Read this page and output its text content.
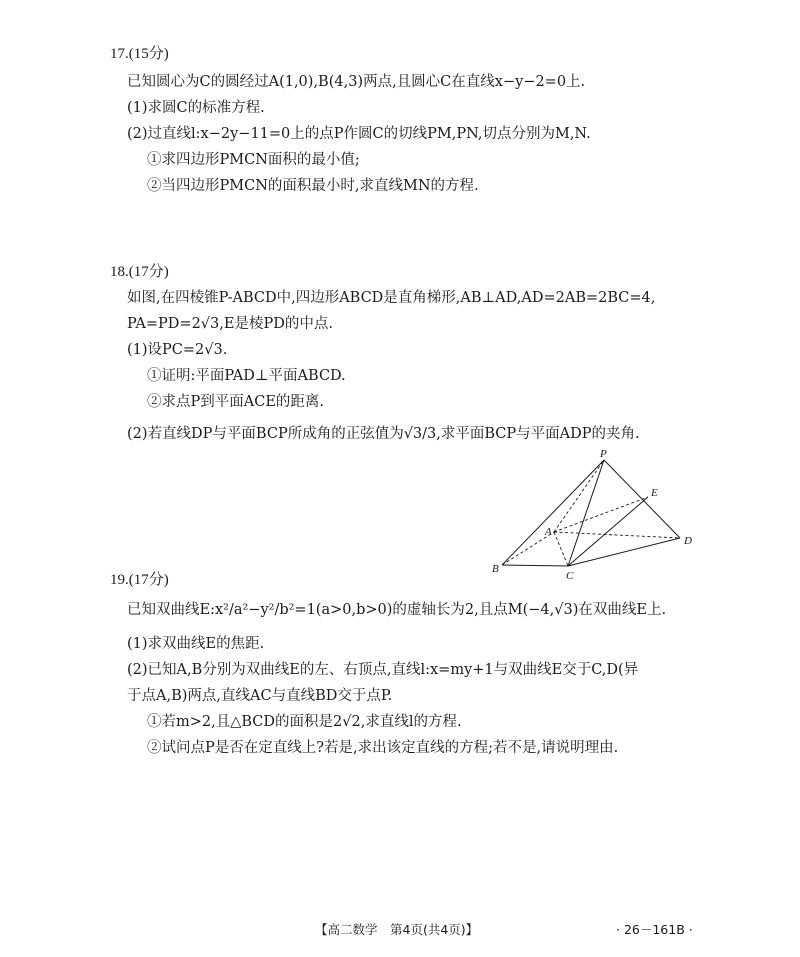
17.(15分)
已知圆心为C的圆经过A(1,0),B(4,3)两点,且圆心C在直线x−y−2=0上.
(1)求圆C的标准方程.
(2)过直线l:x−2y−11=0上的点P作圆C的切线PM,PN,切点分别为M,N.
①求四边形PMCN面积的最小值;
②当四边形PMCN的面积最小时,求直线MN的方程.
18.(17分)
如图,在四棱锥P-ABCD中,四边形ABCD是直角梯形,AB⊥AD,AD=2AB=2BC=4,
PA=PD=2√3,E是棱PD的中点.
(1)设PC=2√3.
①证明:平面PAD⊥平面ABCD.
②求点P到平面ACE的距离.
(2)若直线DP与平面BCP所成角的正弦值为√3/3,求平面BCP与平面ADP的夹角.
P
E
A
B
C
D
19.(17分)
已知双曲线E:x²/a²−y²/b²=1(a>0,b>0)的虚轴长为2,且点M(−4,√3)在双曲线E上.
(1)求双曲线E的焦距.
(2)已知A,B分别为双曲线E的左、右顶点,直线l:x=my+1与双曲线E交于C,D(异
于点A,B)两点,直线AC与直线BD交于点P.
①若m>2,且△BCD的面积是2√2,求直线l的方程.
②试问点P是否在定直线上?若是,求出该定直线的方程;若不是,请说明理由.
【高二数学　第4页(共4页)】	· 26－161B ·
